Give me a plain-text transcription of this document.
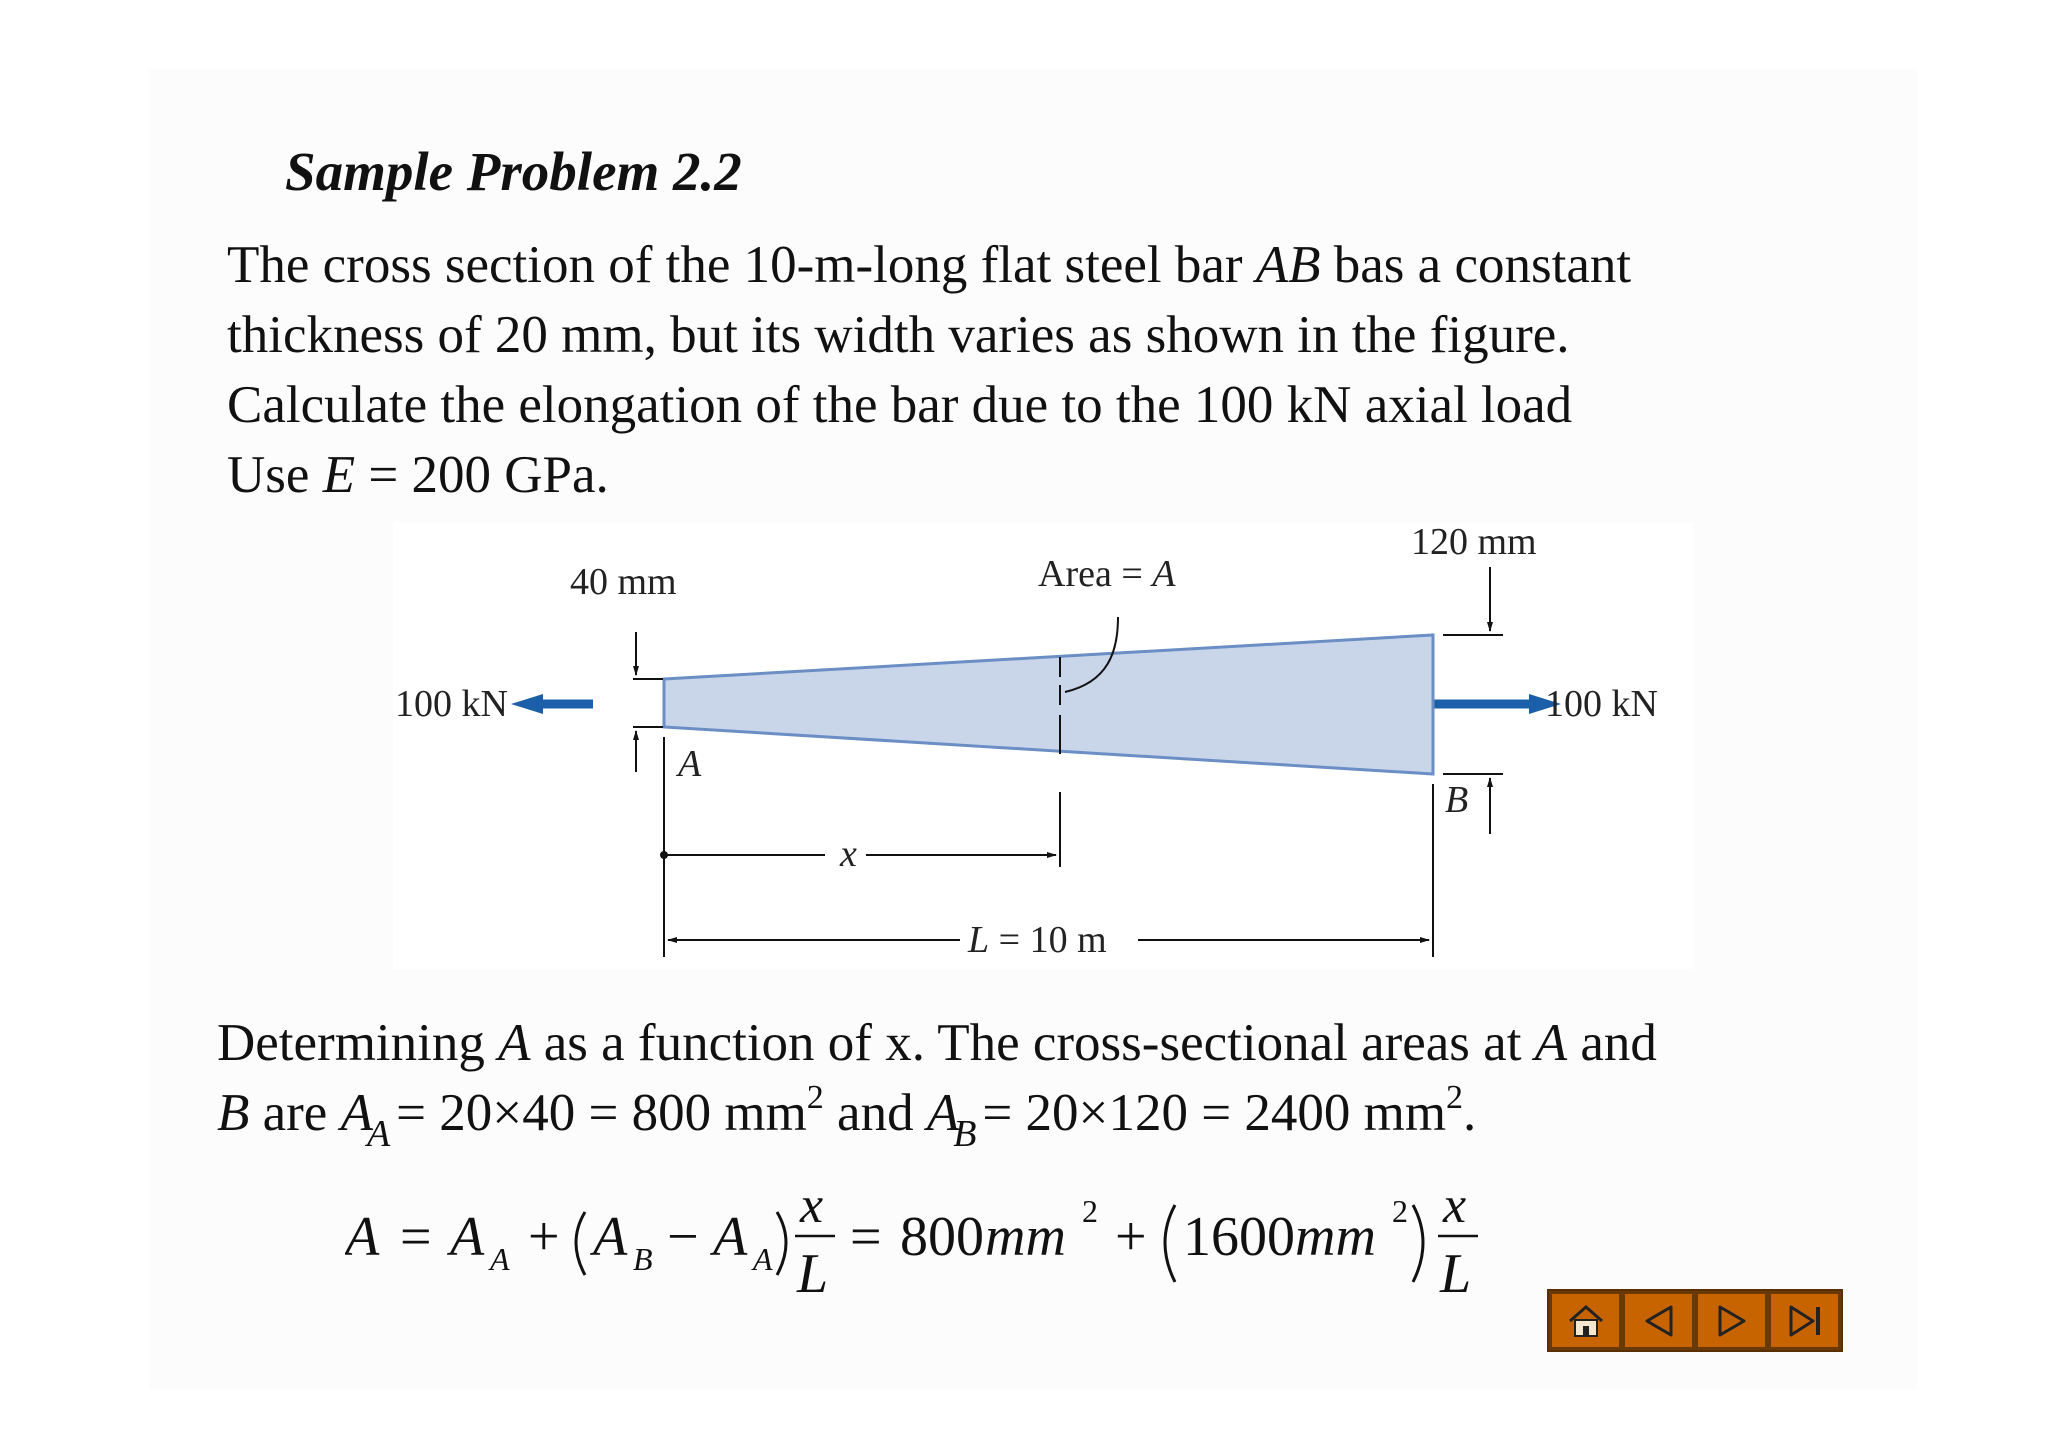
Sample Problem 2.2

The cross section of the 10-m-long flat steel bar AB bas a constant
thickness of 20 mm, but its width varies as shown in the figure.
Calculate the elongation of the bar due to the 100 kN axial load
Use E = 200 GPa.

40 mm
120 mm
Area = A
100 kN	100 kN
A
B
x
L = 10 m

Determining A as a function of x. The cross-sectional areas at A and
B are $A_A = 20\times 40 = 800$ $mm^2$ and $A_B = 20\times 120 = 2400$ $mm^2$.

A = A A + A B − A A
x
L
= 800 mm 2 + 1600 mm 2 x
L
